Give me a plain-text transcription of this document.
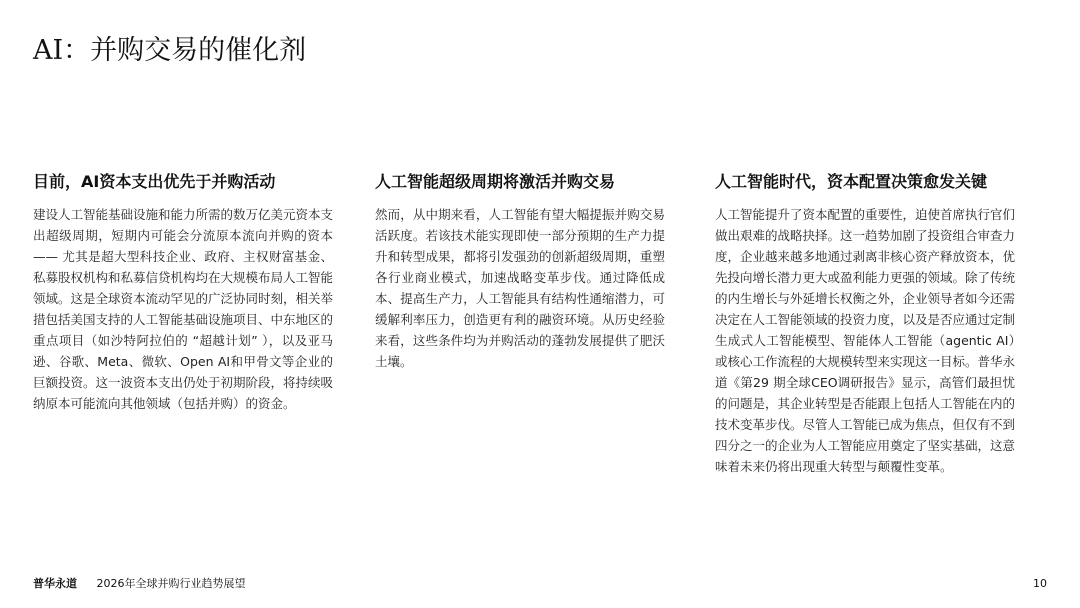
AI：并购交易的催化剂
目前，AI资本支出优先于并购活动

建设人工智能基础设施和能力所需的数万亿美元资本支出超级周期，短期内可能会分流原本流向并购的资本 —— 尤其是超大型科技企业、政府、主权财富基金、私募股权机构和私募信贷机构均在大规模布局人工智能领域。这是全球资本流动罕见的广泛协同时刻，相关举措包括美国支持的人工智能基础设施项目、中东地区的重点项目（如沙特阿拉伯的 “超越计划” ），以及亚马逊、谷歌、Meta、微软、Open AI和甲骨文等企业的巨额投资。这一波资本支出仍处于初期阶段，将持续吸纳原本可能流向其他领域（包括并购）的资金。

人工智能超级周期将激活并购交易

然而，从中期来看，人工智能有望大幅提振并购交易活跃度。若该技术能实现即使一部分预期的生产力提升和转型成果，都将引发强劲的创新超级周期，重塑各行业商业模式，加速战略变革步伐。通过降低成本、提高生产力，人工智能具有结构性通缩潜力，可缓解利率压力，创造更有利的融资环境。从历史经验来看，这些条件均为并购活动的蓬勃发展提供了肥沃土壤。

人工智能时代，资本配置决策愈发关键

人工智能提升了资本配置的重要性，迫使首席执行官们做出艰难的战略抉择。这一趋势加剧了投资组合审查力度，企业越来越多地通过剥离非核心资产释放资本，优先投向增长潜力更大或盈利能力更强的领域。除了传统的内生增长与外延增长权衡之外，企业领导者如今还需决定在人工智能领域的投资力度，以及是否应通过定制生成式人工智能模型、智能体人工智能（agentic AI）或核心工作流程的大规模转型来实现这一目标。普华永道《第29 期全球CEO调研报告》显示，高管们最担忧的问题是，其企业转型是否能跟上包括人工智能在内的技术变革步伐。尽管人工智能已成为焦点，但仅有不到四分之一的企业为人工智能应用奠定了坚实基础，这意味着未来仍将出现重大转型与颠覆性变革。

普华永道 2026年全球并购行业趋势展望	10
